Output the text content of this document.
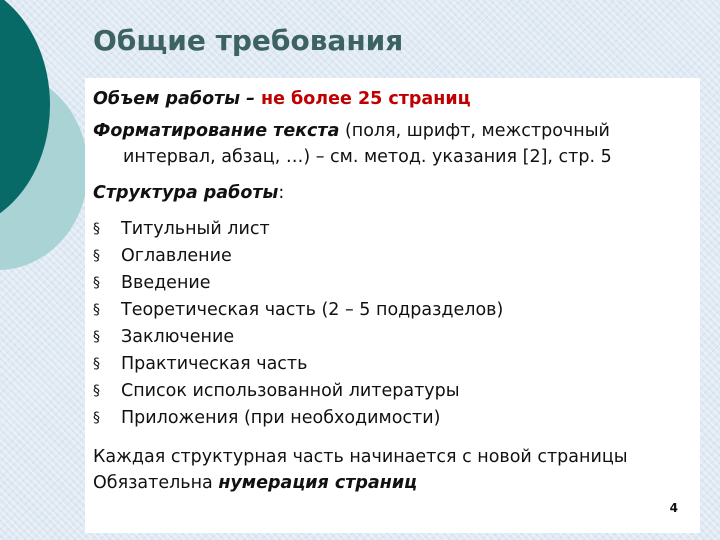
Общие требования

Объем работы – не более 25 страниц

Форматирование текста (поля, шрифт, межстрочный интервал, абзац, …) – см. метод. указания [2], стр. 5

Структура работы:

§	Титульный лист
§	Оглавление
§	Введение
§	Теоретическая часть (2 – 5 подразделов)
§	Заключение
§	Практическая часть
§	Список использованной литературы
§	Приложения (при необходимости)

Каждая структурная часть начинается с новой страницы

Обязательна нумерация страниц

4
